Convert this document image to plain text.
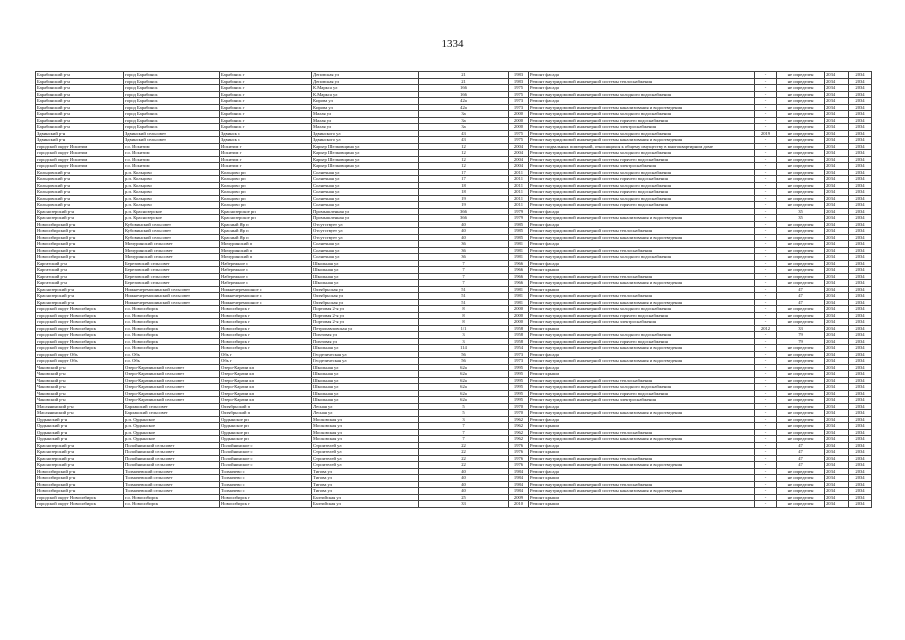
1334
Барабинский р-н	город Барабинск	Барабинск г	Деповская ул	21	1983	Ремонт фасада	-	не определен	2034	2034
Барабинский р-н	город Барабинск	Барабинск г	Деповская ул	21	1983	Ремонт внутридомовой инженерной системы теплоснабжения	-	не определен	2034	2034
Барабинский р-н	город Барабинск	Барабинск г	К.Маркса ул	166	1975	Ремонт фасада	-	не определен	2034	2034
Барабинский р-н	город Барабинск	Барабинск г	К.Маркса ул	166	1975	Ремонт внутридомовой инженерной системы холодного водоснабжения	-	не определен	2034	2034
Барабинский р-н	город Барабинск	Барабинск г	Кирова ул	42а	1973	Ремонт фасада	-	не определен	2034	2034
Барабинский р-н	город Барабинск	Барабинск г	Кирова ул	42а	1973	Ремонт внутридомовой инженерной системы канализования и водоотведения	-	не определен	2034	2034
Барабинский р-н	город Барабинск	Барабинск г	Малая ул	3а	2000	Ремонт внутридомовой инженерной системы холодного водоснабжения	-	не определен	2034	2034
Барабинский р-н	город Барабинск	Барабинск г	Малая ул	3а	2000	Ремонт внутридомовой инженерной системы горячего водоснабжения	-	не определен	2034	2034
Барабинский р-н	город Барабинск	Барабинск г	Малая ул	3а	2000	Ремонт внутридомовой инженерной системы электроснабжения	-	не определен	2034	2034
Здвинский р-н	Здвинский сельсовет	Здвинск с	Здвинского ул	43	1975	Ремонт внутридомовой инженерной системы холодного водоснабжения	2019	не определен	2034	2034
Здвинский р-н	Здвинский сельсовет	Здвинск с	Здвинского ул	43	1975	Ремонт внутридомовой инженерной системы канализования и водоотведения	-	не определен	2034	2034
городской округ Искитим	г.о. Искитим	Искитим г	Карьер Шелковщина ул	12	2004	Ремонт подвальных помещений, относящихся к общему имуществу в многоквартирном доме	-	не определен	2034	2034
городской округ Искитим	г.о. Искитим	Искитим г	Карьер Шелковщина ул	12	2004	Ремонт внутридомовой инженерной системы холодного водоснабжения	-	не определен	2034	2034
городской округ Искитим	г.о. Искитим	Искитим г	Карьер Шелковщина ул	12	2004	Ремонт внутридомовой инженерной системы горячего водоснабжения	-	не определен	2034	2034
городской округ Искитим	г.о. Искитим	Искитим г	Карьер Шелковщина ул	12	2004	Ремонт внутридомовой инженерной системы электроснабжения	-	не определен	2034	2034
Кольцовский р-н	р.п. Кольцово	Кольцово рп	Солнечная ул	17	2011	Ремонт внутридомовой инженерной системы холодного водоснабжения	-	не определен	2034	2034
Кольцовский р-н	р.п. Кольцово	Кольцово рп	Солнечная ул	17	2011	Ремонт внутридомовой инженерной системы горячего водоснабжения	-	не определен	2034	2034
Кольцовский р-н	р.п. Кольцово	Кольцово рп	Солнечная ул	18	2011	Ремонт внутридомовой инженерной системы холодного водоснабжения	-	не определен	2034	2034
Кольцовский р-н	р.п. Кольцово	Кольцово рп	Солнечная ул	18	2011	Ремонт внутридомовой инженерной системы горячего водоснабжения	-	не определен	2034	2034
Кольцовский р-н	р.п. Кольцово	Кольцово рп	Солнечная ул	19	2011	Ремонт внутридомовой инженерной системы холодного водоснабжения	-	не определен	2034	2034
Кольцовский р-н	р.п. Кольцово	Кольцово рп	Солнечная ул	19	2011	Ремонт внутридомовой инженерной системы горячего водоснабжения	-	не определен	2034	2034
Краснозерский р-н	р.п. Краснозерское	Краснозерское рп	Промышленная ул	366	1979	Ремонт фасада	-	35	2034	2034
Краснозерский р-н	р.п. Краснозерское	Краснозерское рп	Промышленная ул	366	1979	Ремонт внутридомовой инженерной системы канализования и водоотведения	-	35	2034	2034
Новосибирский р-н	Кубовинский сельсовет	Красный Яр п	Отсутствует ул	40	1985	Ремонт фасада	-	не определен	2034	2034
Новосибирский р-н	Кубовинский сельсовет	Красный Яр п	Отсутствует ул	40	1985	Ремонт внутридомовой инженерной системы теплоснабжения	-	не определен	2034	2034
Новосибирский р-н	Кубовинский сельсовет	Красный Яр п	Отсутствует ул	40	1985	Ремонт внутридомовой инженерной системы канализования и водоотведения	-	не определен	2034	2034
Новосибирский р-н	Мичуринский сельсовет	Мичуринский п	Солнечная ул	36	1981	Ремонт фасада	-	не определен	2034	2034
Новосибирский р-н	Мичуринский сельсовет	Мичуринский п	Солнечная ул	36	1981	Ремонт внутридомовой инженерной системы теплоснабжения	-	не определен	2034	2034
Новосибирский р-н	Мичуринский сельсовет	Мичуринский п	Солнечная ул	36	1981	Ремонт внутридомовой инженерной системы холодного водоснабжения	-	не определен	2034	2034
Каргатский р-н	Березовский сельсовет	Набережное с	Школьная ул	7	1966	Ремонт фасада	-	не определен	2034	2034
Каргатский р-н	Березовский сельсовет	Набережное с	Школьная ул	7	1966	Ремонт крыши	-	не определен	2034	2034
Каргатский р-н	Березовский сельсовет	Набережное с	Школьная ул	7	1966	Ремонт внутридомовой инженерной системы теплоснабжения	-	не определен	2034	2034
Каргатский р-н	Березовский сельсовет	Набережное с	Школьная ул	7	1966	Ремонт внутридомовой инженерной системы канализования и водоотведения	-	не определен	2034	2034
Краснозерский р-н	Нижнечеремошинский сельсовет	Нижнечеремошное с	Октябрьская ул	51	1981	Ремонт крыши	-	47	2034	2034
Краснозерский р-н	Нижнечеремошинский сельсовет	Нижнечеремошное с	Октябрьская ул	51	1981	Ремонт внутридомовой инженерной системы теплоснабжения	-	47	2034	2034
Краснозерский р-н	Нижнечеремошинский сельсовет	Нижнечеремошное с	Октябрьская ул	51	1981	Ремонт внутридомовой инженерной системы канализования и водоотведения	-	47	2034	2034
городской округ Новосибирск	г.о. Новосибирск	Новосибирск г	Портовая 2-я ул	8	2000	Ремонт внутридомовой инженерной системы холодного водоснабжения	-	не определен	2034	2034
городской округ Новосибирск	г.о. Новосибирск	Новосибирск г	Портовая 2-я ул	8	2000	Ремонт внутридомовой инженерной системы горячего водоснабжения	-	не определен	2034	2034
городской округ Новосибирск	г.о. Новосибирск	Новосибирск г	Портовая 2-я ул	8	2000	Ремонт внутридомовой инженерной системы электроснабжения	-	не определен	2034	2034
городской округ Новосибирск	г.о. Новосибирск	Новосибирск г	Петропавловская ул	1/1	1958	Ремонт крыши	2012	33	2034	2034
городской округ Новосибирск	г.о. Новосибирск	Новосибирск г	Пихтовая ул	3	1958	Ремонт внутридомовой инженерной системы холодного водоснабжения	-	79	2034	2034
городской округ Новосибирск	г.о. Новосибирск	Новосибирск г	Пихтовая ул	3	1958	Ремонт внутридомовой инженерной системы горячего водоснабжения	-	79	2034	2034
городской округ Новосибирск	г.о. Новосибирск	Новосибирск г	Школьная ул	114	1954	Ремонт внутридомовой инженерной системы канализования и водоотведения	-	не определен	2034	2034
городской округ Обь	г.о. Обь	Обь г	Геодезическая ул	56	1973	Ремонт фасада	-	не определен	2034	2034
городской округ Обь	г.о. Обь	Обь г	Геодезическая ул	56	1973	Ремонт внутридомовой инженерной системы канализования и водоотведения	-	не определен	2034	2034
Чановский р-н	Озеро-Карачинский сельсовет	Озеро-Карачи кп	Школьная ул	62а	1995	Ремонт фасада	-	не определен	2034	2034
Чановский р-н	Озеро-Карачинский сельсовет	Озеро-Карачи кп	Школьная ул	62а	1995	Ремонт крыши	-	не определен	2034	2034
Чановский р-н	Озеро-Карачинский сельсовет	Озеро-Карачи кп	Школьная ул	62а	1995	Ремонт внутридомовой инженерной системы теплоснабжения	-	не определен	2034	2034
Чановский р-н	Озеро-Карачинский сельсовет	Озеро-Карачи кп	Школьная ул	62а	1995	Ремонт внутридомовой инженерной системы холодного водоснабжения	-	не определен	2034	2034
Чановский р-н	Озеро-Карачинский сельсовет	Озеро-Карачи кп	Школьная ул	62а	1995	Ремонт внутридомовой инженерной системы горячего водоснабжения	-	не определен	2034	2034
Чановский р-н	Озеро-Карачинский сельсовет	Озеро-Карачи кп	Школьная ул	62а	1995	Ремонт внутридомовой инженерной системы электроснабжения	-	не определен	2034	2034
Маслянинский р-н	Барлакский сельсовет	Октябрьский п	Лесная ул	5	1970	Ремонт фасада	-	не определен	2034	2034
Маслянинский р-н	Барлакский сельсовет	Октябрьский п	Лесная ул	5	1970	Ремонт внутридомовой инженерной системы канализования и водоотведения	-	не определен	2034	2034
Ордынский р-н	р.п. Ордынское	Ордынское рп	Московская ул	3	1962	Ремонт фасада	-	не определен	2034	2034
Ордынский р-н	р.п. Ордынское	Ордынское рп	Московская ул	7	1962	Ремонт крыши	-	не определен	2034	2034
Ордынский р-н	р.п. Ордынское	Ордынское рп	Московская ул	7	1962	Ремонт внутридомовой инженерной системы теплоснабжения	-	не определен	2034	2034
Ордынский р-н	р.п. Ордынское	Ордынское рп	Московская ул	7	1962	Ремонт внутридомовой инженерной системы канализования и водоотведения	-	не определен	2034	2034
Краснозерский р-н	Полойнинский сельсовет	Полойнинское с	Строителей ул	22	1976	Ремонт фасада	-	47	2034	2034
Краснозерский р-н	Полойнинский сельсовет	Полойнинское с	Строителей ул	22	1976	Ремонт крыши	-	47	2034	2034
Краснозерский р-н	Полойнинский сельсовет	Полойнинское с	Строителей ул	22	1976	Ремонт внутридомовой инженерной системы теплоснабжения	-	47	2034	2034
Краснозерский р-н	Полойнинский сельсовет	Полойнинское с	Строителей ул	22	1976	Ремонт внутридомовой инженерной системы канализования и водоотведения	-	47	2034	2034
Новосибирский р-н	Толмачевский сельсовет	Толмачево с	Тигова ул	40	1984	Ремонт фасада	-	не определен	2034	2034
Новосибирский р-н	Толмачевский сельсовет	Толмачево с	Тигова ул	40	1984	Ремонт крыши	-	не определен	2034	2034
Новосибирский р-н	Толмачевский сельсовет	Толмачево с	Тигова ул	40	1984	Ремонт внутридомовой инженерной системы теплоснабжения	-	не определен	2034	2034
Новосибирский р-н	Толмачевский сельсовет	Толмачево с	Тигова ул	40	1984	Ремонт внутридомовой инженерной системы канализования и водоотведения	-	не определен	2034	2034
городской округ Новосибирск	г.о. Новосибирск	Новосибирск г	Балтийская ул	25	2009	Ремонт крыши	-	не определен	2034	2034
городской округ Новосибирск	г.о. Новосибирск	Новосибирск г	Балтийская ул	33	2010	Ремонт крыши	-	не определен	2034	2034
